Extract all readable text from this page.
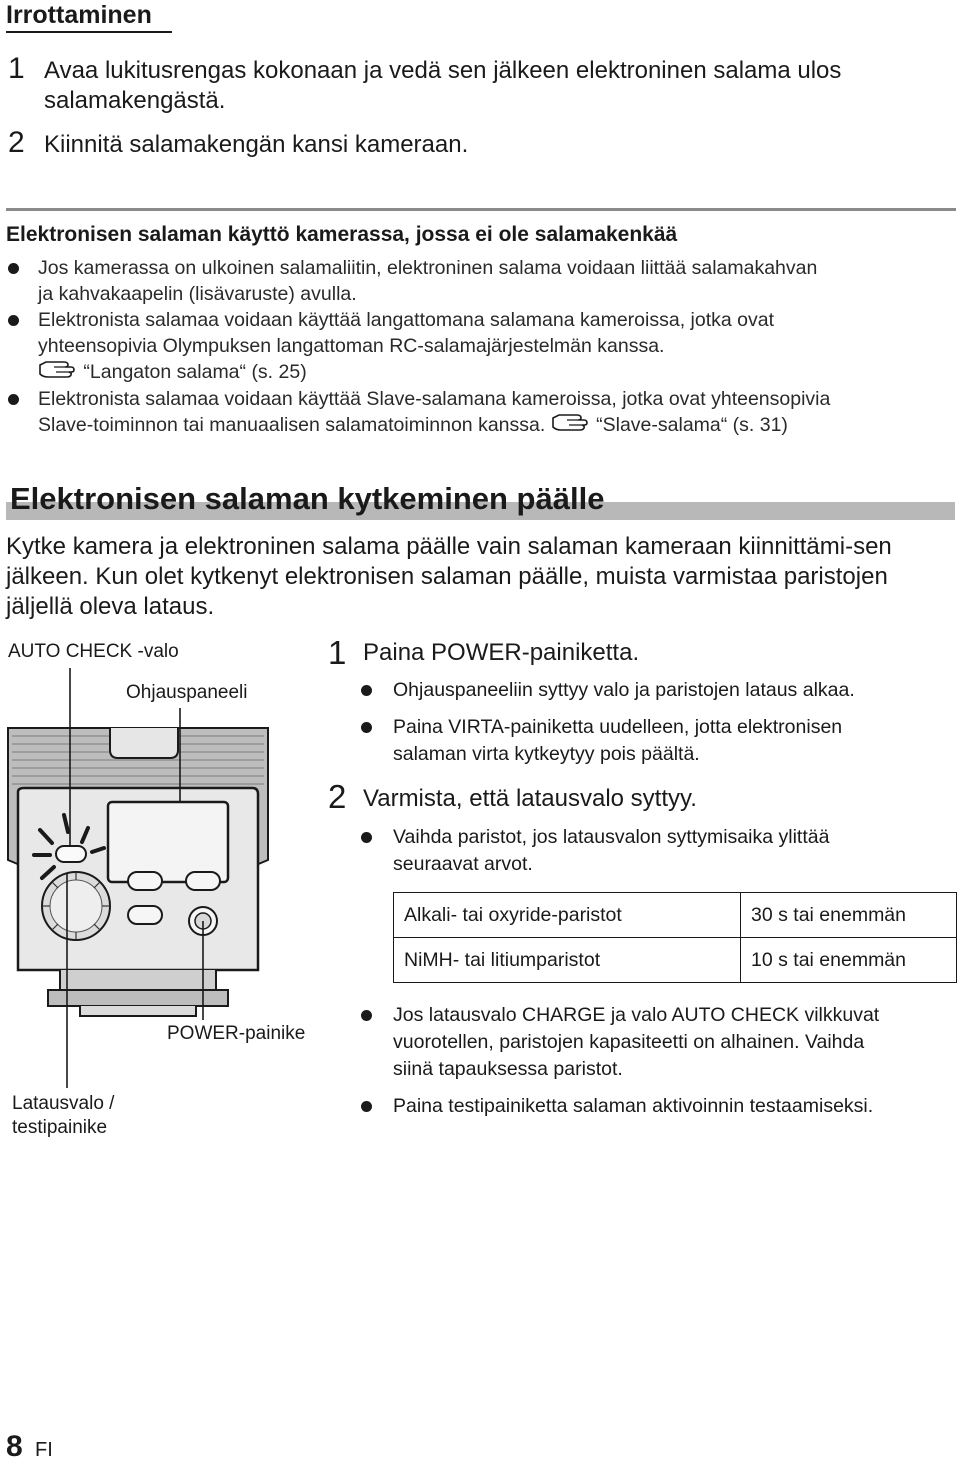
Irrottaminen
1 Avaa lukitusrengas kokonaan ja vedä sen jälkeen elektroninen salama ulos salamakengästä.
2 Kiinnitä salamakengän kansi kameraan.
Elektronisen salaman käyttö kamerassa, jossa ei ole salamakenkää
Jos kamerassa on ulkoinen salamaliitin, elektroninen salama voidaan liittää salamakahvan
ja kahvakaapelin (lisävaruste) avulla.
Elektronista salamaa voidaan käyttää langattomana salamana kameroissa, jotka ovat
yhteensopivia Olympuksen langattoman RC-salamajärjestelmän kanssa.
“Langaton salama“ (s. 25)
Elektronista salamaa voidaan käyttää Slave-salamana kameroissa, jotka ovat yhteensopivia
Slave-toiminnon tai manuaalisen salamatoiminnon kanssa.	“Slave-salama“ (s. 31)
Elektronisen salaman kytkeminen päälle
Kytke kamera ja elektroninen salama päälle vain salaman kameraan kiinnittämi-sen jälkeen. Kun olet kytkenyt elektronisen salaman päälle, muista varmistaa paristojen jäljellä oleva lataus.
AUTO CHECK -valo
Ohjauspaneeli
POWER-painike
Latausvalo /
testipainike
1 Paina POWER-painiketta.
Ohjauspaneeliin syttyy valo ja paristojen lataus alkaa.
Paina VIRTA-painiketta uudelleen, jotta elektronisen
salaman virta kytkeytyy pois päältä.
2 Varmista, että latausvalo syttyy.
Vaihda paristot, jos latausvalon syttymisaika ylittää
seuraavat arvot.
Alkali- tai oxyride-paristot	30 s tai enemmän
NiMH- tai litiumparistot	10 s tai enemmän
Jos latausvalo CHARGE ja valo AUTO CHECK vilkkuvat
vuorotellen, paristojen kapasiteetti on alhainen. Vaihda
siinä tapauksessa paristot.
Paina testipainiketta salaman aktivoinnin testaamiseksi.
8 FI
